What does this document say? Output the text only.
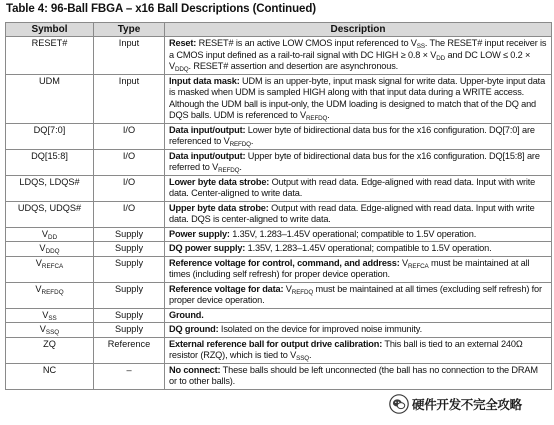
Table 4: 96-Ball FBGA – x16 Ball Descriptions (Continued)
Symbol	Type	Description
RESET#	Input	Reset: RESET# is an active LOW CMOS input referenced to $V_{SS}$. The RESET# input receiver is a CMOS input defined as a rail-to-rail signal with DC HIGH ≥ $0.8 \times V_{DD}$ and DC LOW ≤ $0.2 \times V_{DDQ}$. RESET# assertion and desertion are asynchronous.
UDM	Input	Input data mask: UDM is an upper-byte, input mask signal for write data. Upper-byte input data is masked when UDM is sampled HIGH along with that input data during a WRITE access. Although the UDM ball is input-only, the UDM loading is designed to match that of the DQ and DQS balls. UDM is referenced to $V_{REFDQ}$.
DQ[7:0]	I/O	Data input/output: Lower byte of bidirectional data bus for the x16 configuration. DQ[7:0] are referenced to $V_{REFDQ}$.
DQ[15:8]	I/O	Data input/output: Upper byte of bidirectional data bus for the x16 configuration. DQ[15:8] are referred to $V_{REFDQ}$.
LDQS, LDQS#	I/O	Lower byte data strobe: Output with read data. Edge-aligned with read data. Input with write data. Center-aligned to write data.
UDQS, UDQS#	I/O	Upper byte data strobe: Output with read data. Edge-aligned with read data. Input with write data. DQS is center-aligned to write data.
$V_{DD}$	Supply	Power supply: 1.35V, 1.283–1.45V operational; compatible to 1.5V operation.
$V_{DDQ}$	Supply	DQ power supply: 1.35V, 1.283–1.45V operational; compatible to 1.5V operation.
$V_{REFCA}$	Supply	Reference voltage for control, command, and address: $V_{REFCA}$ must be maintained at all times (including self refresh) for proper device operation.
$V_{REFDQ}$	Supply	Reference voltage for data: $V_{REFDQ}$ must be maintained at all times (excluding self refresh) for proper device operation.
$V_{SS}$	Supply	Ground.
$V_{SSQ}$	Supply	DQ ground: Isolated on the device for improved noise immunity.
ZQ	Reference	External reference ball for output drive calibration: This ball is tied to an external 240Ω resistor (RZQ), which is tied to $V_{SSQ}$.
NC	–	No connect: These balls should be left unconnected (the ball has no connection to the DRAM or to other balls).
硬件开发不完全攻略
